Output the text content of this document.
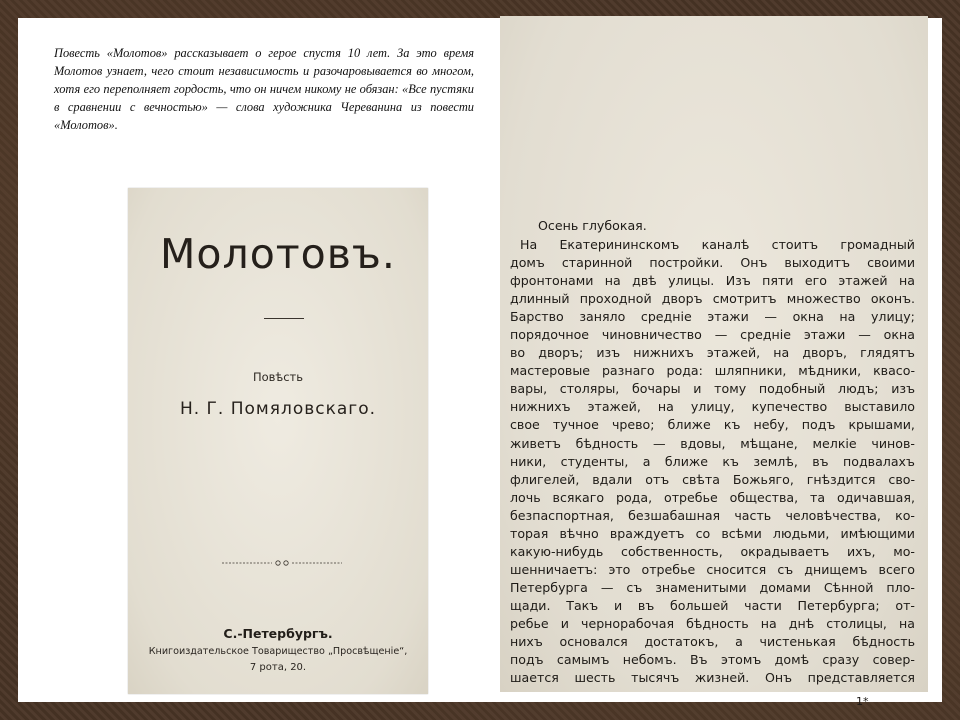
Повесть «Молотов» рассказывает о герое спустя 10 лет. За это время Молотов узнает, чего стоит независимость и разочаровывается во многом, хотя его переполняет гордость, что он ничем никому не обязан: «Все пустяки в сравнении с вечностью» — слова художника Череванина из повести «Молотов».

Молотовъ.
Повѣсть
Н. Г. Помяловскаго.
С.-Петербургъ.
Книгоиздательское Товарищество „Просвѣщеніе“,
7 рота, 20.
Осень глубокая.
На Екатерининскомъ каналѣ стоитъ громадный
домъ старинной постройки. Онъ выходитъ своими
фронтонами на двѣ улицы. Изъ пяти его этажей на
длинный проходной дворъ смотритъ множество оконъ.
Барство заняло средніе этажи — окна на улицу;
порядочное чиновничество — средніе этажи — окна
во дворъ; изъ нижнихъ этажей, на дворъ, глядятъ
мастеровые разнаго рода: шляпники, мѣдники, квасо-
вары, столяры, бочары и тому подобный людъ; изъ
нижнихъ этажей, на улицу, купечество выставило
свое тучное чрево; ближе къ небу, подъ крышами,
живетъ бѣдность — вдовы, мѣщане, мелкіе чинов-
ники, студенты, а ближе къ землѣ, въ подвалахъ
флигелей, вдали отъ свѣта Божьяго, гнѣздится сво-
лочь всякаго рода, отребье общества, та одичавшая,
безпаспортная, безшабашная часть человѣчества, ко-
торая вѣчно враждуетъ со всѣми людьми, имѣющими
какую-нибудь собственность, окрадываетъ ихъ, мо-
шенничаетъ: это отребье сносится съ днищемъ всего
Петербурга — съ знаменитыми домами Сѣнной пло-
щади. Такъ и въ большей части Петербурга; от-
ребье и чернорабочая бѣдность на днѣ столицы, на
нихъ основался достатокъ, а чистенькая бѣдность
подъ самымъ небомъ. Въ этомъ домѣ сразу совер-
шается шесть тысячъ жизней. Онъ представляется
1*
